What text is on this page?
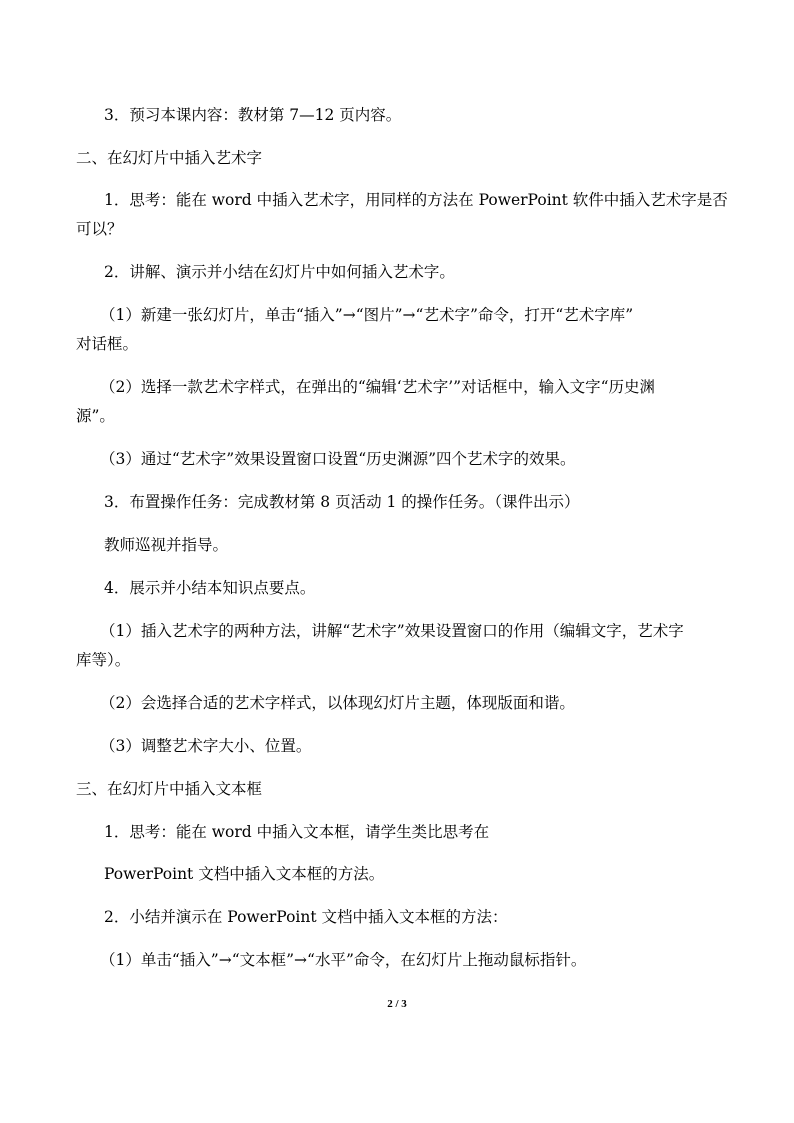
3．预习本课内容：教材第 7—12 页内容。
二、在幻灯片中插入艺术字
1．思考：能在 word 中插入艺术字，用同样的方法在 PowerPoint 软件中插入艺术字是否
可以？
2．讲解、演示并小结在幻灯片中如何插入艺术字。
（1）新建一张幻灯片，单击“插入”→“图片”→“艺术字”命令，打开“艺术字库”
对话框。
（2）选择一款艺术字样式，在弹出的“编辑‘艺术字’”对话框中，输入文字“历史渊
源”。
（3）通过“艺术字”效果设置窗口设置“历史渊源”四个艺术字的效果。
3．布置操作任务：完成教材第 8 页活动 1 的操作任务。（课件出示）
教师巡视并指导。
4．展示并小结本知识点要点。
（1）插入艺术字的两种方法，讲解“艺术字”效果设置窗口的作用（编辑文字，艺术字
库等）。
（2）会选择合适的艺术字样式，以体现幻灯片主题，体现版面和谐。
（3）调整艺术字大小、位置。
三、在幻灯片中插入文本框
1．思考：能在 word 中插入文本框，请学生类比思考在
PowerPoint 文档中插入文本框的方法。
2．小结并演示在 PowerPoint 文档中插入文本框的方法：
（1）单击“插入”→“文本框”→“水平”命令，在幻灯片上拖动鼠标指针。
2 / 3
